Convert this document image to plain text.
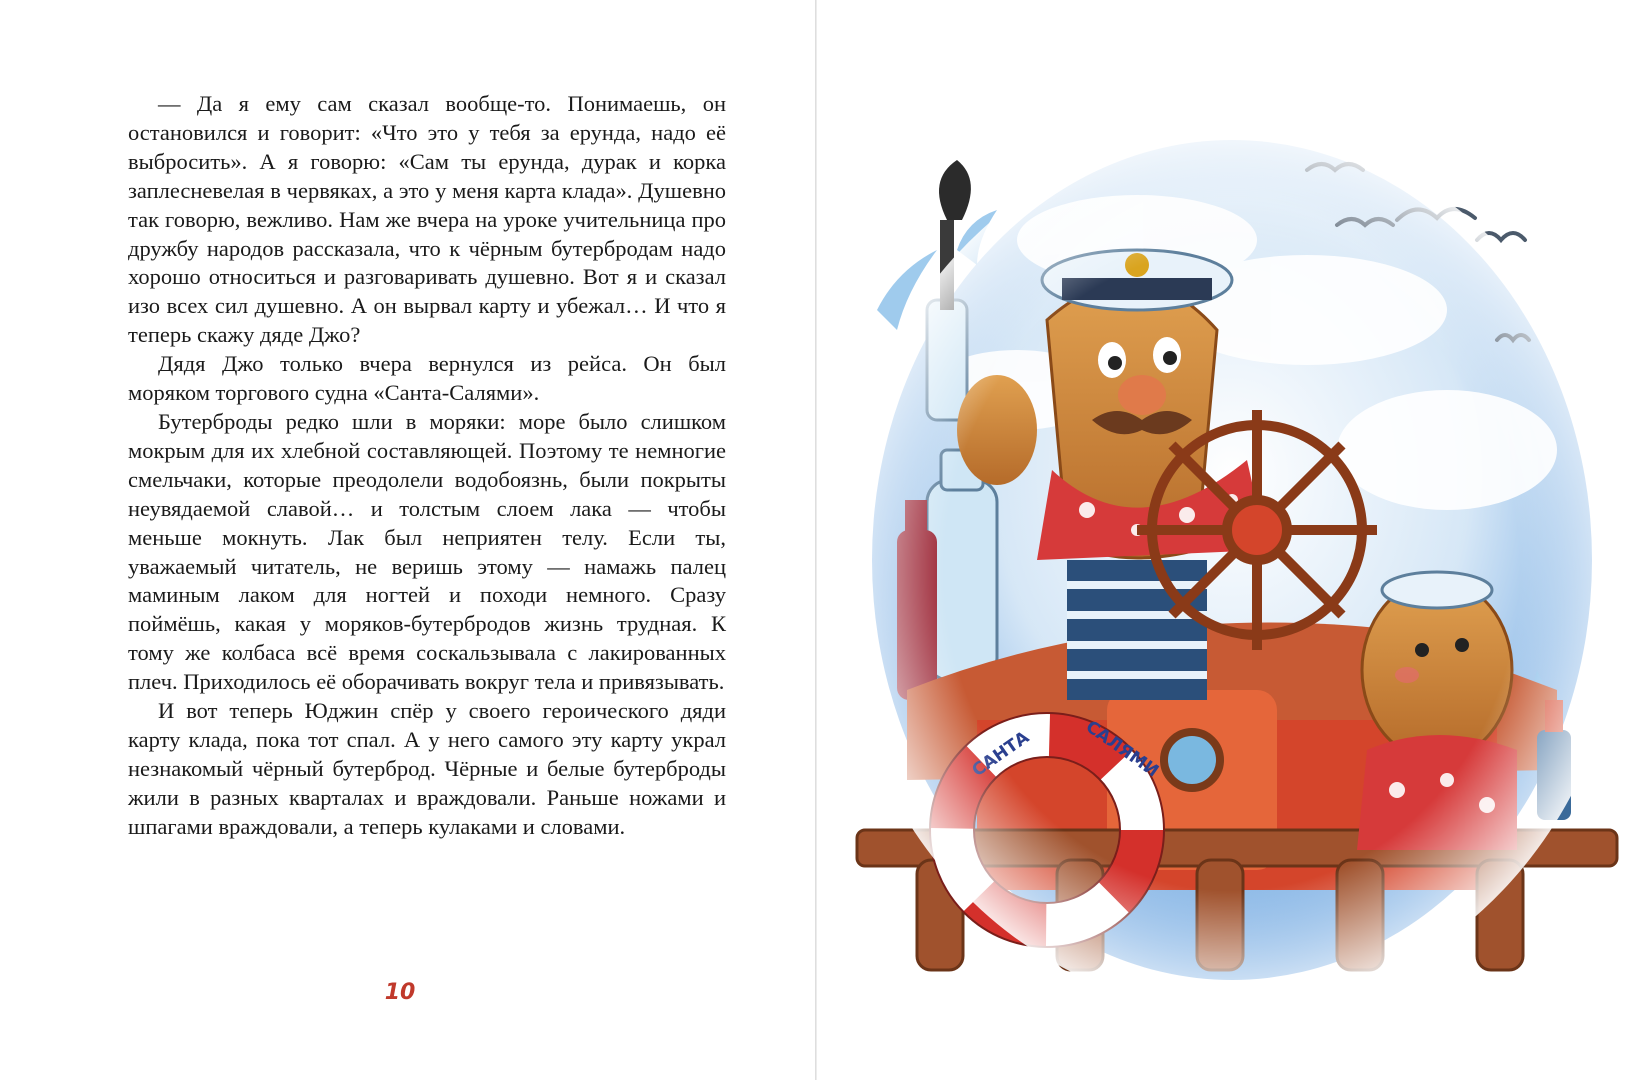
— Да я ему сам сказал вообще-то. Понимаешь, он остановился и говорит: «Что это у тебя за ерунда, надо её выбросить». А я говорю: «Сам ты ерунда, дурак и корка заплесневелая в червяках, а это у меня карта клада». Душевно так говорю, вежливо. Нам же вчера на уроке учительница про дружбу народов рассказала, что к чёрным бутербродам надо хорошо относиться и разговаривать душевно. Вот я и сказал изо всех сил душевно. А он вырвал карту и убежал… И что я теперь скажу дяде Джо?

Дядя Джо только вчера вернулся из рейса. Он был моряком торгового судна «Санта-Салями».

Бутерброды редко шли в моряки: море было слишком мокрым для их хлебной составляющей. Поэтому те немногие смельчаки, которые преодолели водобоязнь, были покрыты неувядаемой славой… и толстым слоем лака — чтобы меньше мокнуть. Лак был неприятен телу. Если ты, уважаемый читатель, не веришь этому — намажь палец маминым лаком для ногтей и походи немного. Сразу поймёшь, какая у моряков-бутербродов жизнь трудная. К тому же колбаса всё время соскальзывала с лакированных плеч. Приходилось её оборачивать вокруг тела и привязывать.

И вот теперь Юджин спёр у своего героического дяди карту клада, пока тот спал. А у него самого эту карту украл незнакомый чёрный бутерброд. Чёрные и белые бутерброды жили в разных кварталах и враждовали. Раньше ножами и шпагами враждовали, а теперь кулаками и словами.

10
